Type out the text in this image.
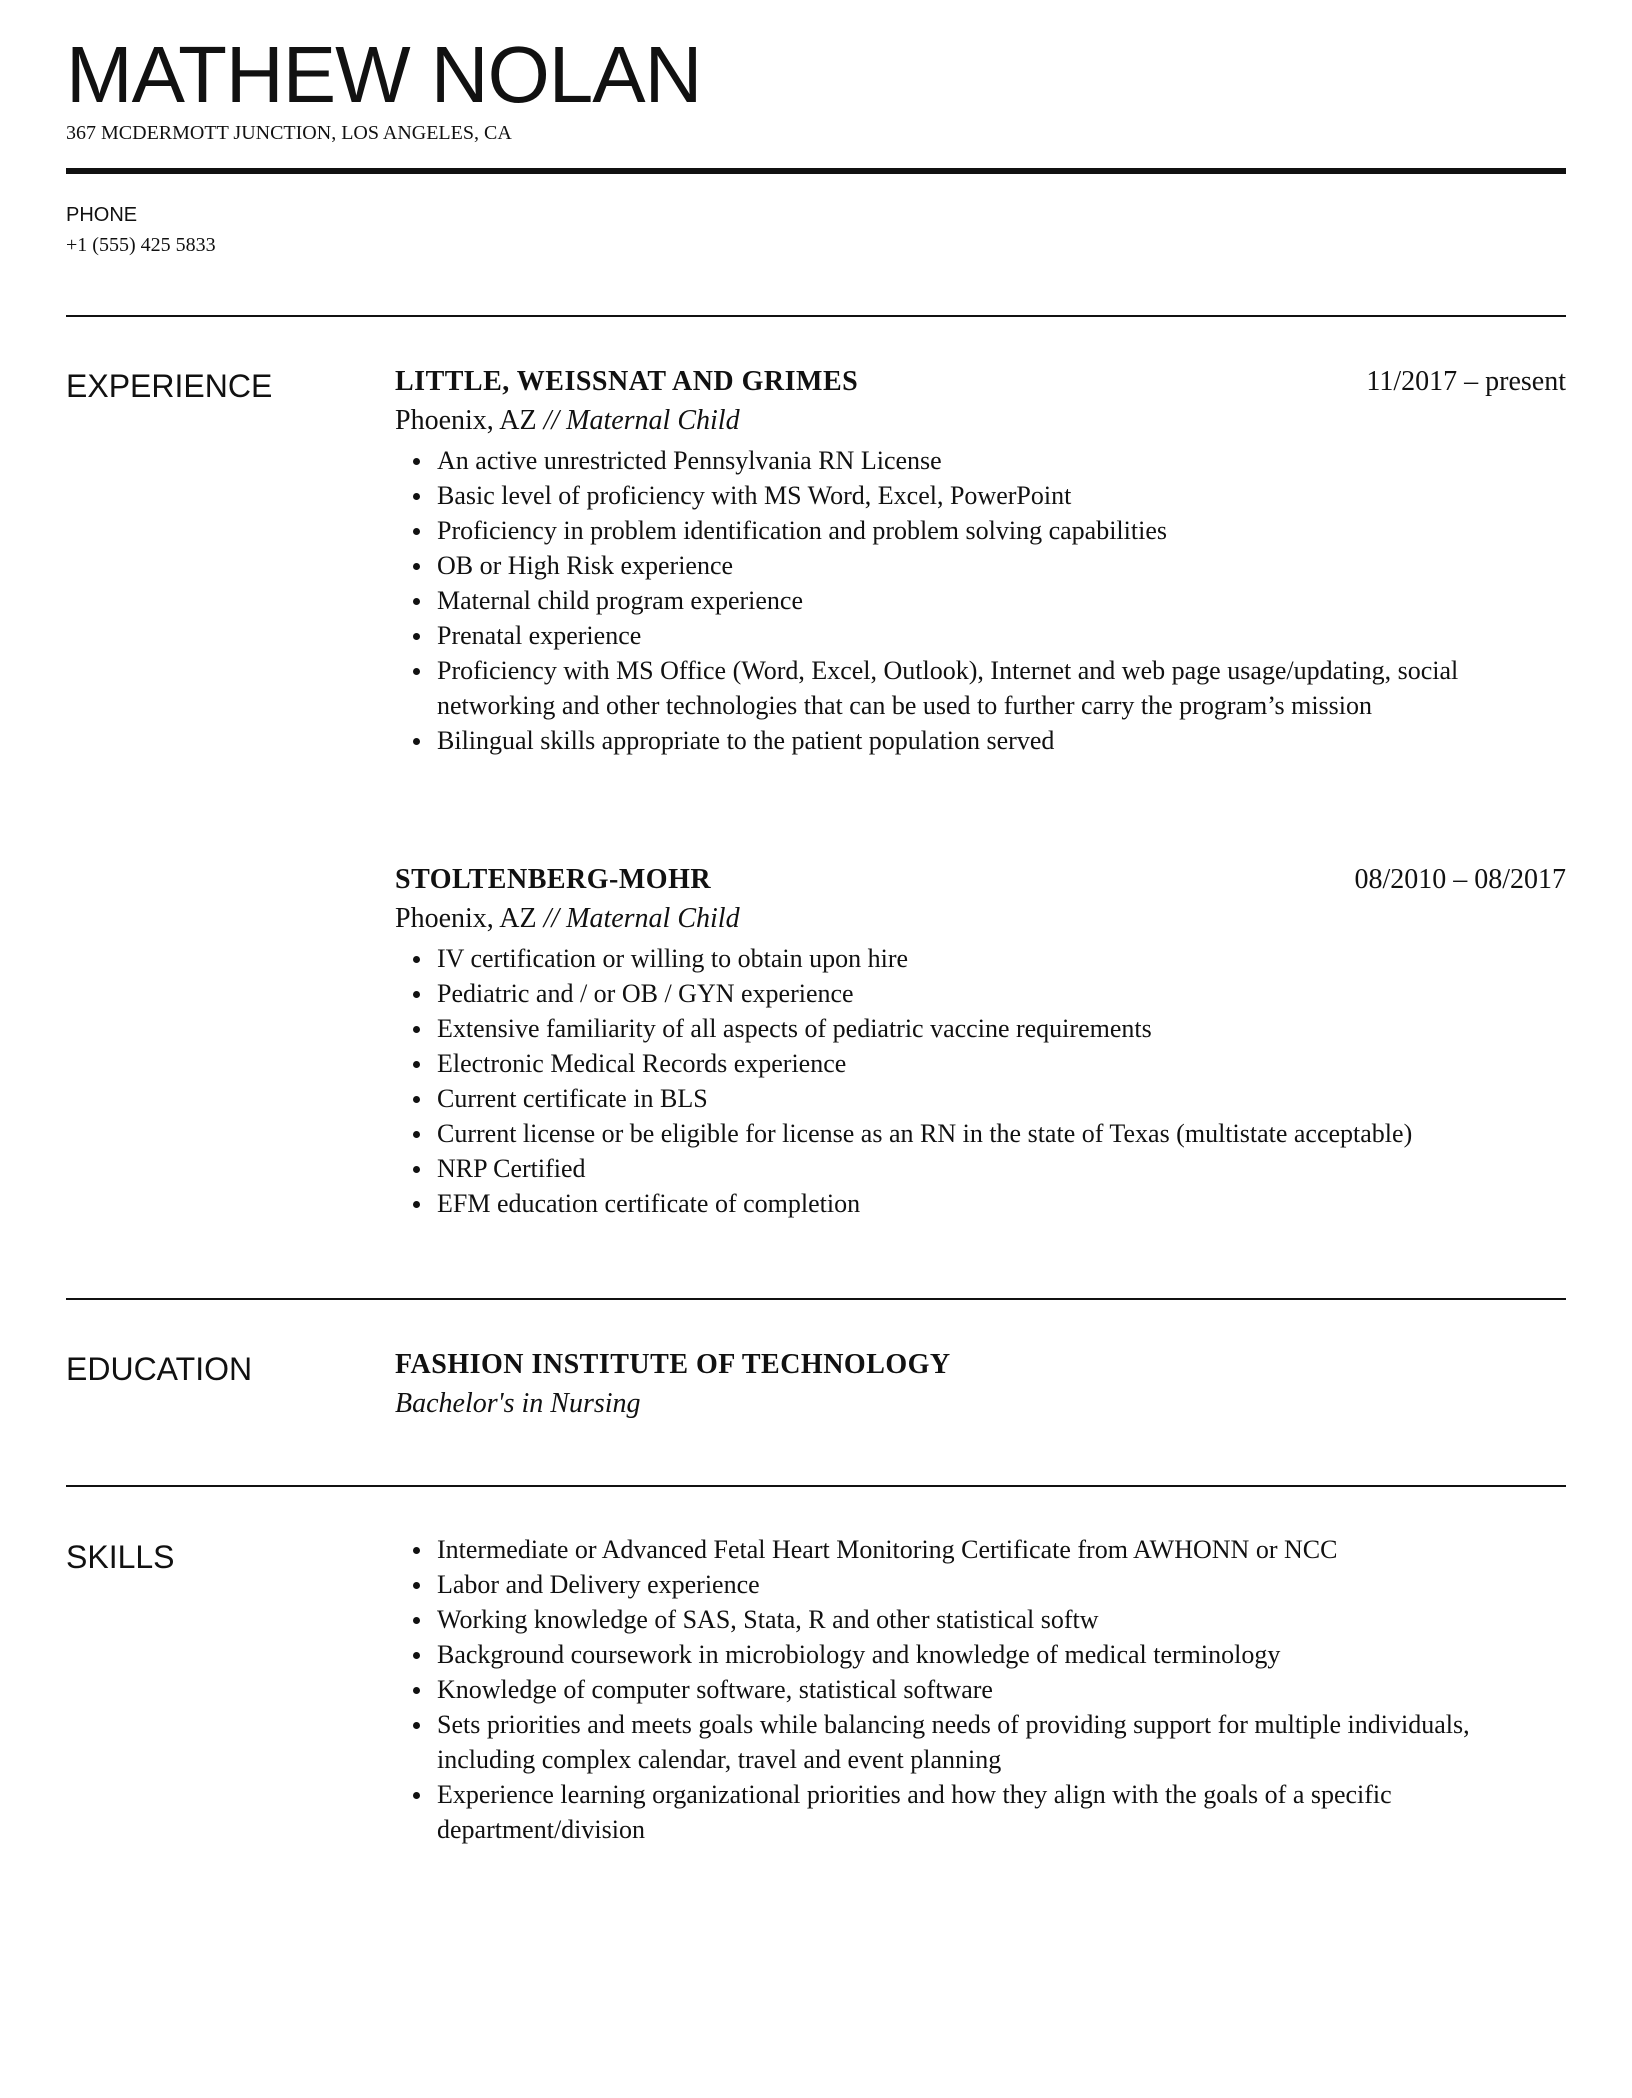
MATHEW NOLAN
367 MCDERMOTT JUNCTION, LOS ANGELES, CA
PHONE
+1 (555) 425 5833
EXPERIENCE	LITTLE, WEISSNAT AND GRIMES	11/2017 – present
Phoenix, AZ // Maternal Child
An active unrestricted Pennsylvania RN License
Basic level of proficiency with MS Word, Excel, PowerPoint
Proficiency in problem identification and problem solving capabilities
OB or High Risk experience
Maternal child program experience
Prenatal experience
Proficiency with MS Office (Word, Excel, Outlook), Internet and web page usage/updating, social networking and other technologies that can be used to further carry the program’s mission
Bilingual skills appropriate to the patient population served
STOLTENBERG-MOHR	08/2010 – 08/2017
Phoenix, AZ // Maternal Child
IV certification or willing to obtain upon hire
Pediatric and / or OB / GYN experience
Extensive familiarity of all aspects of pediatric vaccine requirements
Electronic Medical Records experience
Current certificate in BLS
Current license or be eligible for license as an RN in the state of Texas (multistate acceptable)
NRP Certified
EFM education certificate of completion
EDUCATION	FASHION INSTITUTE OF TECHNOLOGY
Bachelor's in Nursing
SKILLS	Intermediate or Advanced Fetal Heart Monitoring Certificate from AWHONN or NCC
Labor and Delivery experience
Working knowledge of SAS, Stata, R and other statistical softw
Background coursework in microbiology and knowledge of medical terminology
Knowledge of computer software, statistical software
Sets priorities and meets goals while balancing needs of providing support for multiple individuals, including complex calendar, travel and event planning
Experience learning organizational priorities and how they align with the goals of a specific department/division
